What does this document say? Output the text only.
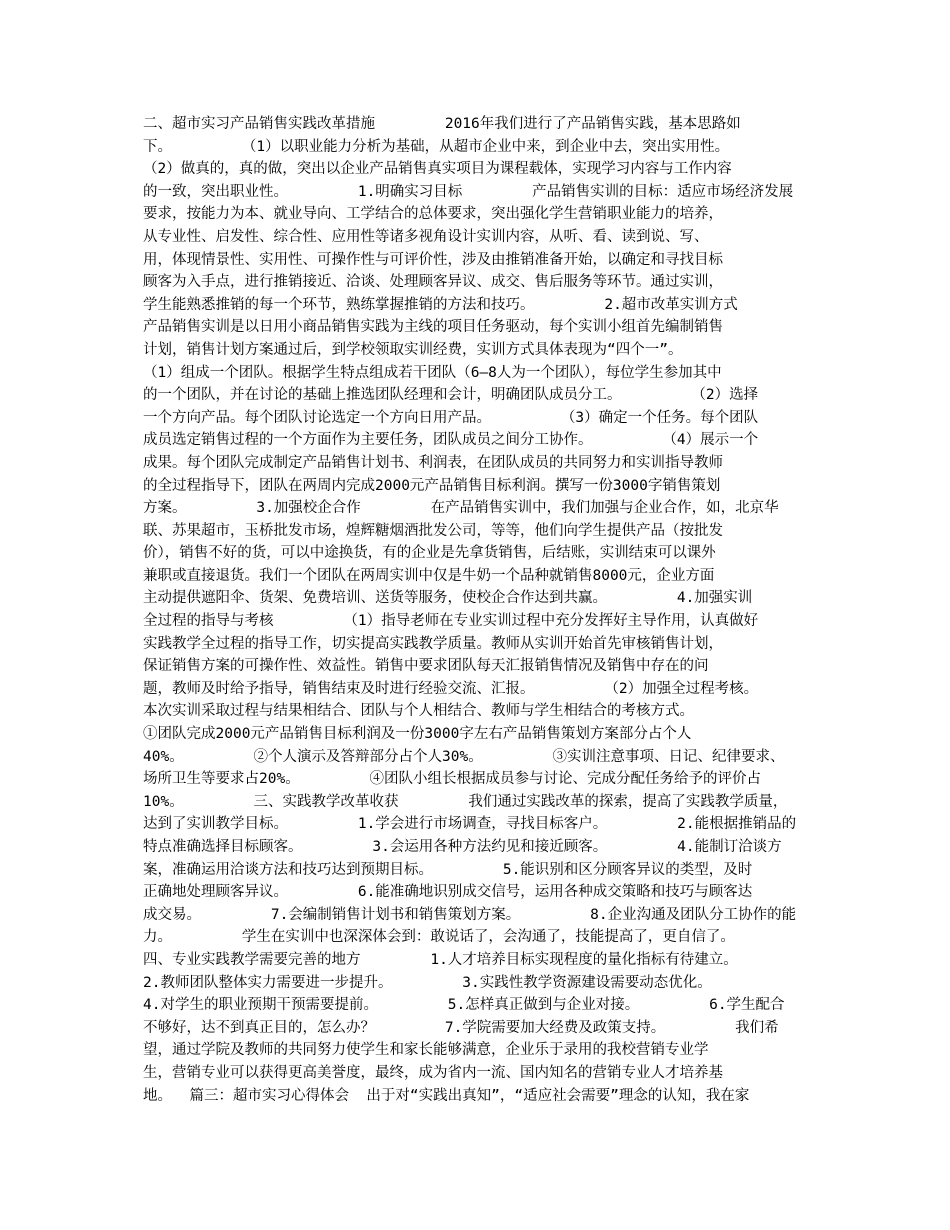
二、超市实习产品销售实践改革措施        2016年我们进行了产品销售实践，基本思路如
下。        （1）以职业能力分析为基础，从超市企业中来，到企业中去，突出实用性。
（2）做真的，真的做，突出以企业产品销售真实项目为课程载体，实现学习内容与工作内容
的一致，突出职业性。        1.明确实习目标        产品销售实训的目标：适应市场经济发展
要求，按能力为本、就业导向、工学结合的总体要求，突出强化学生营销职业能力的培养，
从专业性、启发性、综合性、应用性等诸多视角设计实训内容，从听、看、读到说、写、
用，体现情景性、实用性、可操作性与可评价性，涉及由推销准备开始，以确定和寻找目标
顾客为入手点，进行推销接近、洽谈、处理顾客异议、成交、售后服务等环节。通过实训，
学生能熟悉推销的每一个环节，熟练掌握推销的方法和技巧。        2.超市改革实训方式
产品销售实训是以日用小商品销售实践为主线的项目任务驱动，每个实训小组首先编制销售
计划，销售计划方案通过后，到学校领取实训经费，实训方式具体表现为“四个一”。
（1）组成一个团队。根据学生特点组成若干团队（6—8人为一个团队），每位学生参加其中
的一个团队，并在讨论的基础上推选团队经理和会计，明确团队成员分工。        （2）选择
一个方向产品。每个团队讨论选定一个方向日用产品。        （3）确定一个任务。每个团队
成员选定销售过程的一个方面作为主要任务，团队成员之间分工协作。        （4）展示一个
成果。每个团队完成制定产品销售计划书、利润表，在团队成员的共同努力和实训指导教师
的全过程指导下，团队在两周内完成2000元产品销售目标利润。撰写一份3000字销售策划
方案。        3.加强校企合作        在产品销售实训中，我们加强与企业合作，如，北京华
联、苏果超市，玉桥批发市场，煌辉糖烟酒批发公司，等等，他们向学生提供产品（按批发
价），销售不好的货，可以中途换货，有的企业是先拿货销售，后结账，实训结束可以课外
兼职或直接退货。我们一个团队在两周实训中仅是牛奶一个品种就销售8000元，企业方面
主动提供遮阳伞、货架、免费培训、送货等服务，使校企合作达到共赢。        4.加强实训
全过程的指导与考核        （1）指导老师在专业实训过程中充分发挥好主导作用，认真做好
实践教学全过程的指导工作，切实提高实践教学质量。教师从实训开始首先审核销售计划，
保证销售方案的可操作性、效益性。销售中要求团队每天汇报销售情况及销售中存在的问
题，教师及时给予指导，销售结束及时进行经验交流、汇报。        （2）加强全过程考核。
本次实训采取过程与结果相结合、团队与个人相结合、教师与学生相结合的考核方式。
①团队完成2000元产品销售目标利润及一份3000字左右产品销售策划方案部分占个人
40%。        ②个人演示及答辩部分占个人30%。        ③实训注意事项、日记、纪律要求、
场所卫生等要求占20%。        ④团队小组长根据成员参与讨论、完成分配任务给予的评价占
10%。        三、实践教学改革收获        我们通过实践改革的探索，提高了实践教学质量，
达到了实训教学目标。        1.学会进行市场调查，寻找目标客户。        2.能根据推销品的
特点准确选择目标顾客。        3.会运用各种方法约见和接近顾客。        4.能制订洽谈方
案，准确运用洽谈方法和技巧达到预期目标。        5.能识别和区分顾客异议的类型，及时
正确地处理顾客异议。        6.能准确地识别成交信号，运用各种成交策略和技巧与顾客达
成交易。        7.会编制销售计划书和销售策划方案。        8.企业沟通及团队分工协作的能
力。        学生在实训中也深深体会到：敢说话了，会沟通了，技能提高了，更自信了。
四、专业实践教学需要完善的地方        1.人才培养目标实现程度的量化指标有待建立。
2.教师团队整体实力需要进一步提升。        3.实践性教学资源建设需要动态优化。
4.对学生的职业预期干预需要提前。        5.怎样真正做到与企业对接。        6.学生配合
不够好，达不到真正目的，怎么办？        7.学院需要加大经费及政策支持。        我们希
望，通过学院及教师的共同努力使学生和家长能够满意，企业乐于录用的我校营销专业学
生，营销专业可以获得更高美誉度，最终，成为省内一流、国内知名的营销专业人才培养基
地。  篇三：超市实习心得体会  出于对“实践出真知”，“适应社会需要”理念的认知，我在家
